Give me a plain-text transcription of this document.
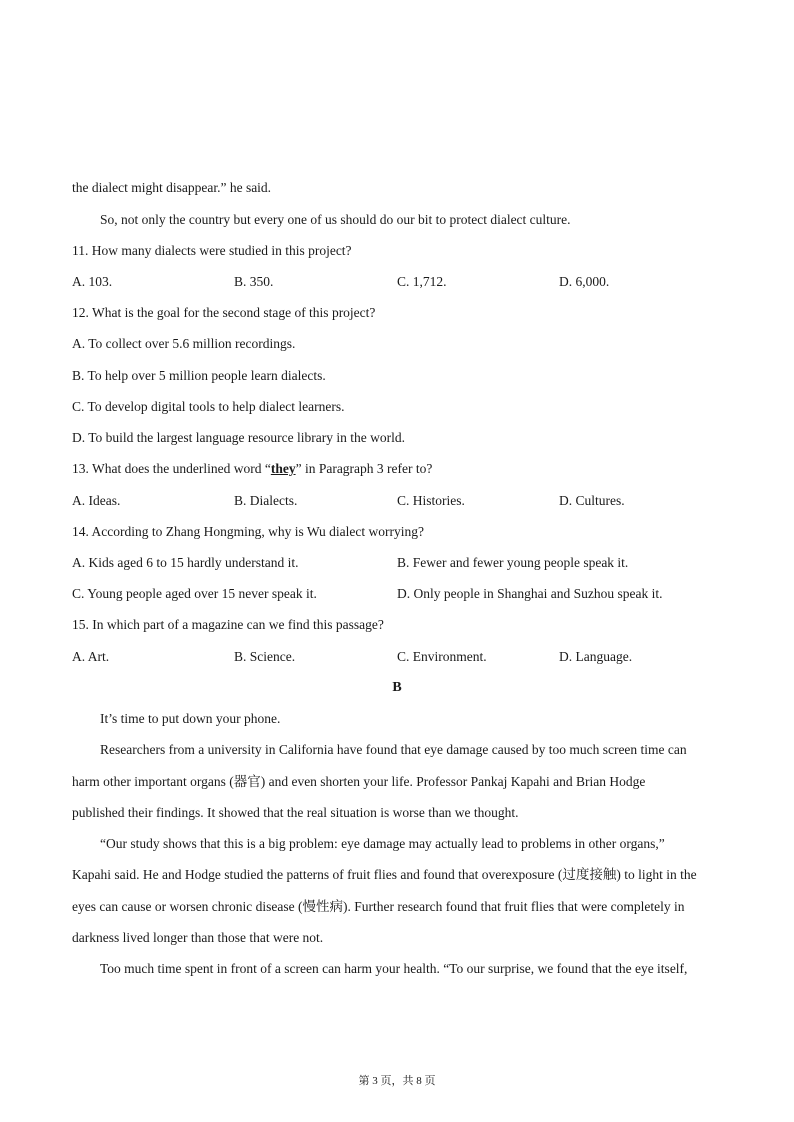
the dialect might disappear.” he said.
So, not only the country but every one of us should do our bit to protect dialect culture.
11. How many dialects were studied in this project?
A. 103.	B. 350.	C. 1,712.	D. 6,000.
12. What is the goal for the second stage of this project?
A. To collect over 5.6 million recordings.
B. To help over 5 million people learn dialects.
C. To develop digital tools to help dialect learners.
D. To build the largest language resource library in the world.
13. What does the underlined word “they” in Paragraph 3 refer to?
A. Ideas.	B. Dialects.	C. Histories.	D. Cultures.
14. According to Zhang Hongming, why is Wu dialect worrying?
A. Kids aged 6 to 15 hardly understand it.	B. Fewer and fewer young people speak it.
C. Young people aged over 15 never speak it.	D. Only people in Shanghai and Suzhou speak it.
15. In which part of a magazine can we find this passage?
A. Art.	B. Science.	C. Environment.	D. Language.
B
It’s time to put down your phone.
Researchers from a university in California have found that eye damage caused by too much screen time can
harm other important organs (器官) and even shorten your life. Professor Pankaj Kapahi and Brian Hodge
published their findings. It showed that the real situation is worse than we thought.
“Our study shows that this is a big problem: eye damage may actually lead to problems in other organs,”
Kapahi said. He and Hodge studied the patterns of fruit flies and found that overexposure (过度接触) to light in the
eyes can cause or worsen chronic disease (慢性病). Further research found that fruit flies that were completely in
darkness lived longer than those that were not.
Too much time spent in front of a screen can harm your health. “To our surprise, we found that the eye itself,
第 3 页，共 8 页
